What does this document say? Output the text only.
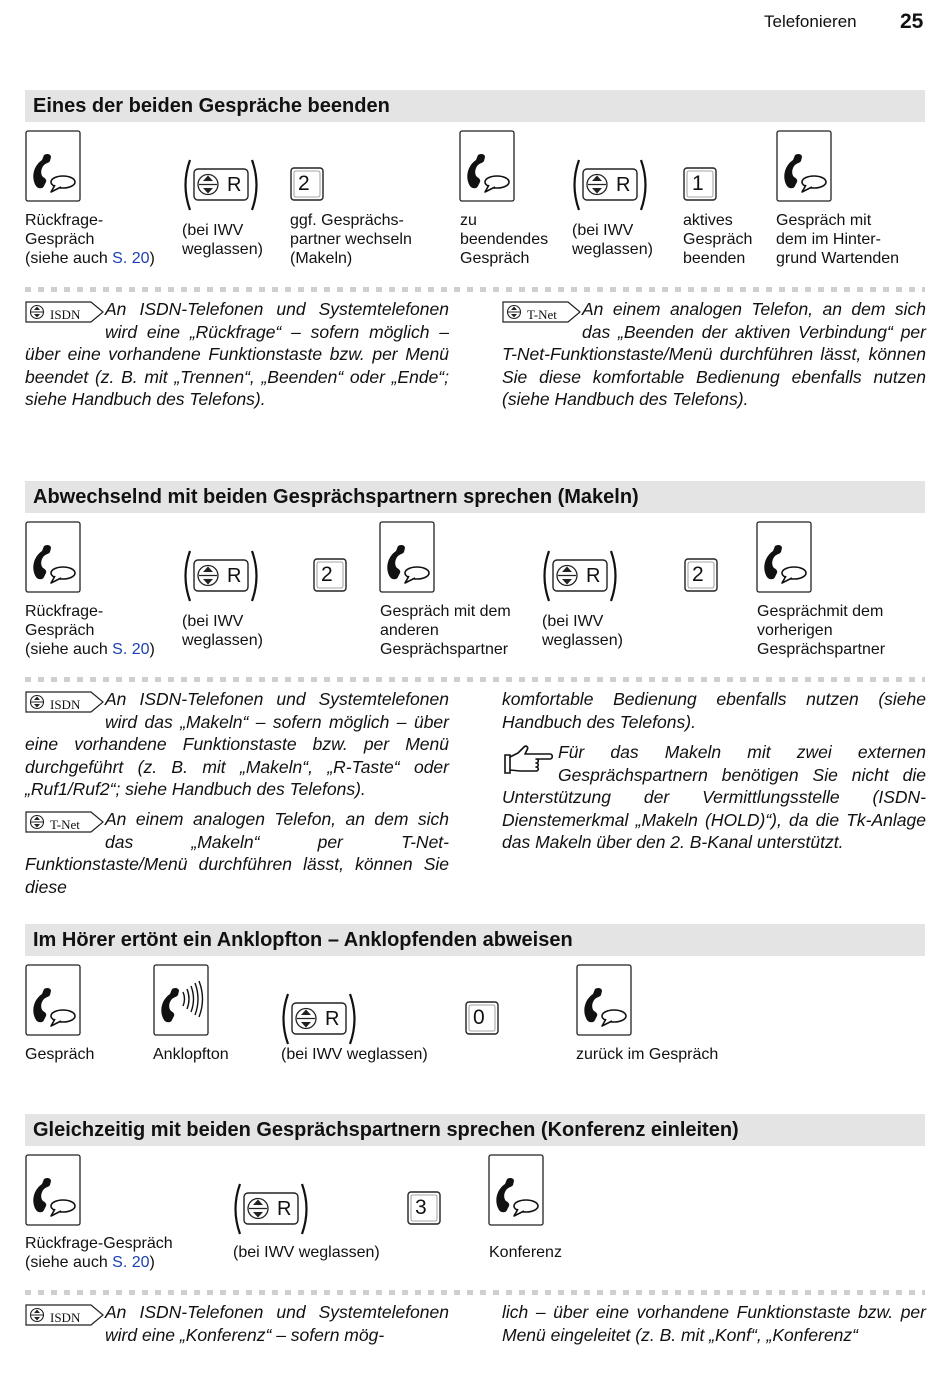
Telefonieren 25
Eines der beiden Gespräche beenden
R	2	R	1
Rückfrage-
Gespräch
(siehe auch S. 20)
(bei IWV
weglassen)
ggf. Gesprächs-
partner wechseln
(Makeln)
zu
beendendes
Gespräch
(bei IWV
weglassen)
aktives
Gespräch
beenden
Gespräch mit
dem im Hinter-
grund Wartenden
ISDN An ISDN-Telefonen und Systemtelefonen wird eine „Rückfrage“ – sofern möglich – über eine vorhandene Funktionstaste bzw. per Menü beendet (z. B. mit „Trennen“, „Beenden“ oder „Ende“; siehe Handbuch des Telefons).
T-Net An einem analogen Telefon, an dem sich das „Beenden der aktiven Verbindung“ per T-Net-Funktionstaste/Menü durchführen lässt, können Sie diese komfortable Bedienung ebenfalls nutzen (siehe Handbuch des Telefons).
Abwechselnd mit beiden Gesprächspartnern sprechen (Makeln)
R	2	R	2
Rückfrage-
Gespräch
(siehe auch S. 20)
(bei IWV
weglassen)
Gespräch mit dem
anderen
Gesprächspartner
(bei IWV
weglassen)
Gesprächmit dem
vorherigen
Gesprächspartner
ISDN An ISDN-Telefonen und Systemtelefonen wird das „Makeln“ – sofern möglich – über eine vorhandene Funktionstaste bzw. per Menü durchgeführt (z. B. mit „Makeln“, „R-Taste“ oder „Ruf1/Ruf2“; siehe Handbuch des Telefons).
T-Net An einem analogen Telefon, an dem sich das „Makeln“ per T-Net-Funktionstaste/Menü durchführen lässt, können Sie diese
komfortable Bedienung ebenfalls nutzen (siehe Handbuch des Telefons).
Für das Makeln mit zwei externen Gesprächspartnern benötigen Sie nicht die Unterstützung der Vermittlungsstelle (ISDN-Dienstemerkmal „Makeln (HOLD)“), da die Tk-Anlage das Makeln über den 2. B-Kanal unterstützt.
Im Hörer ertönt ein Anklopfton – Anklopfenden abweisen
R	0
Gespräch	Anklopfton	(bei IWV weglassen)	zurück im Gespräch
Gleichzeitig mit beiden Gesprächspartnern sprechen (Konferenz einleiten)
R	3
Rückfrage-Gespräch
(siehe auch S. 20)
(bei IWV weglassen)	Konferenz
ISDN An ISDN-Telefonen und Systemtelefonen wird eine „Konferenz“ – sofern mög-
lich – über eine vorhandene Funktionstaste bzw. per Menü eingeleitet (z. B. mit „Konf“, „Konferenz“
